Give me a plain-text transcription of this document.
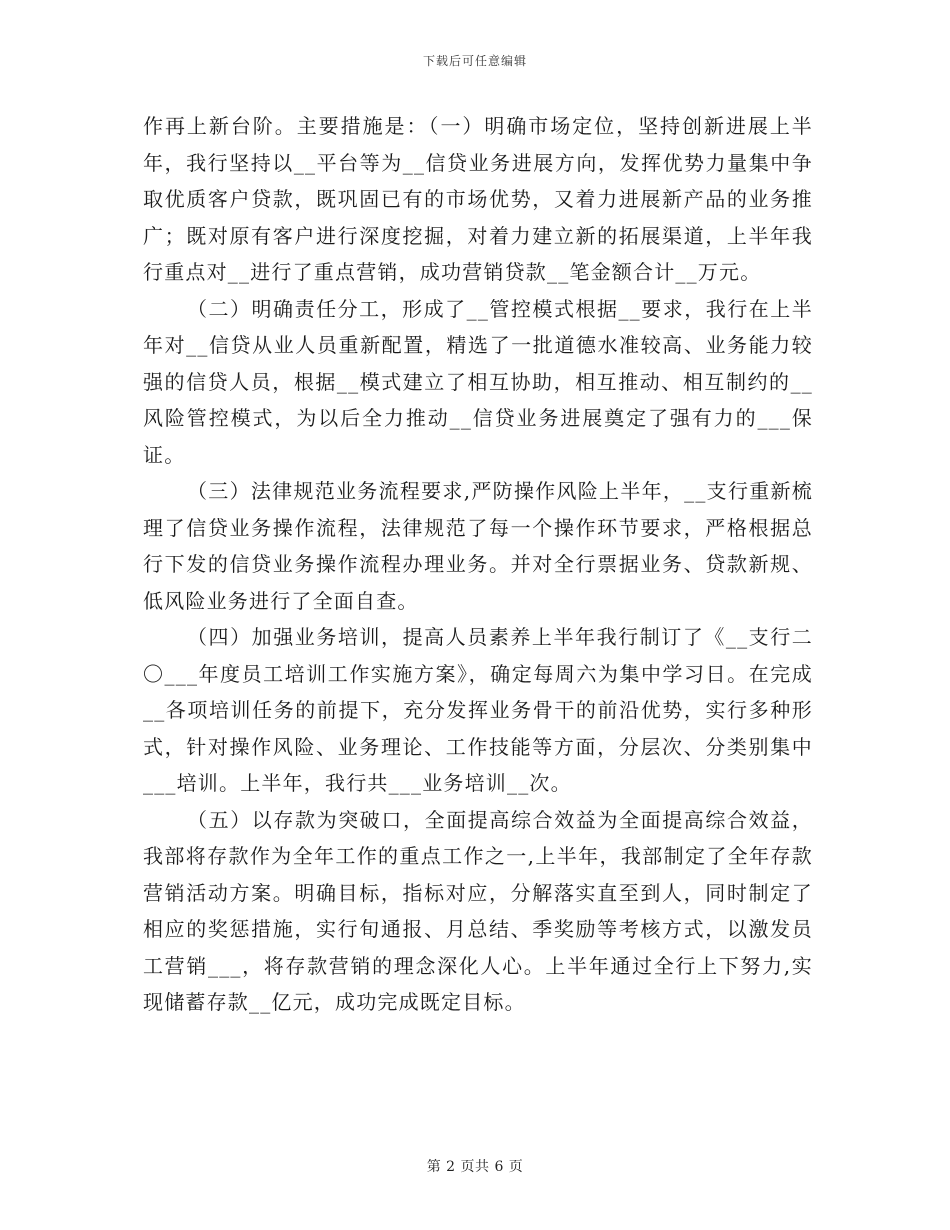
下载后可任意编辑

作再上新台阶。主要措施是：（一）明确市场定位，坚持创新进展上半年，我行坚持以__平台等为__信贷业务进展方向，发挥优势力量集中争取优质客户贷款，既巩固已有的市场优势，又着力进展新产品的业务推广；既对原有客户进行深度挖掘，对着力建立新的拓展渠道，上半年我行重点对__进行了重点营销，成功营销贷款__笔金额合计__万元。

（二）明确责任分工，形成了__管控模式根据__要求，我行在上半年对__信贷从业人员重新配置，精选了一批道德水准较高、业务能力较强的信贷人员，根据__模式建立了相互协助，相互推动、相互制约的__风险管控模式，为以后全力推动__信贷业务进展奠定了强有力的___保证。

（三）法律规范业务流程要求,严防操作风险上半年，__支行重新梳理了信贷业务操作流程，法律规范了每一个操作环节要求，严格根据总行下发的信贷业务操作流程办理业务。并对全行票据业务、贷款新规、低风险业务进行了全面自查。

（四）加强业务培训，提高人员素养上半年我行制订了《__支行二〇___年度员工培训工作实施方案》，确定每周六为集中学习日。在完成__各项培训任务的前提下，充分发挥业务骨干的前沿优势，实行多种形式，针对操作风险、业务理论、工作技能等方面，分层次、分类别集中___培训。上半年，我行共___业务培训__次。

（五）以存款为突破口，全面提高综合效益为全面提高综合效益，我部将存款作为全年工作的重点工作之一,上半年，我部制定了全年存款营销活动方案。明确目标，指标对应，分解落实直至到人，同时制定了相应的奖惩措施，实行旬通报、月总结、季奖励等考核方式，以激发员工营销___，将存款营销的理念深化人心。上半年通过全行上下努力,实现储蓄存款__亿元，成功完成既定目标。

第 2 页共 6 页
